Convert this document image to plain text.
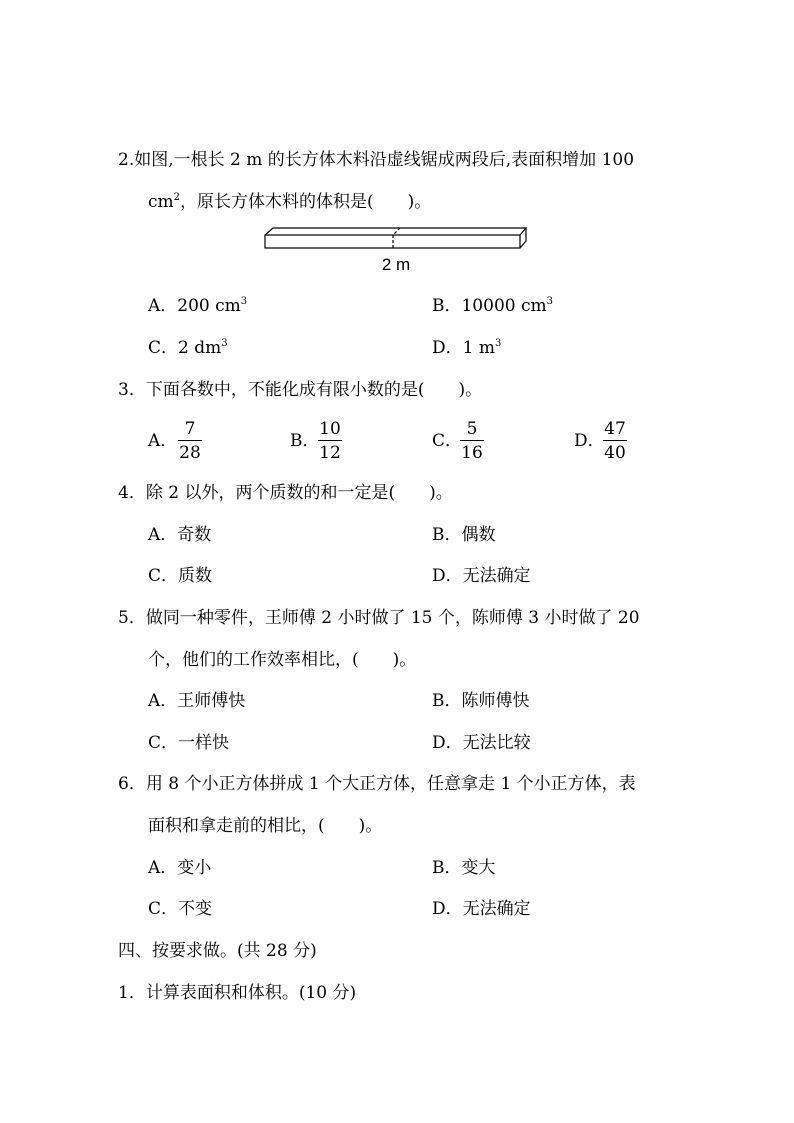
2.如图,一根长 2 m 的长方体木料沿虚线锯成两段后,表面积增加 100
$cm^2$，原长方体木料的体积是(　　)。
2 m
A．200 $cm^3$	B．10000 $cm^3$
C．2 $dm^3$	D．1 $m^3$
3．下面各数中，不能化成有限小数的是(　　)。
A．
7
28
B．
10
12
C．
5
16
D．
47
40
4．除 2 以外，两个质数的和一定是(　　)。
A．奇数	B．偶数
C．质数	D．无法确定
5．做同一种零件，王师傅 2 小时做了 15 个，陈师傅 3 小时做了 20
个，他们的工作效率相比，(　　)。
A．王师傅快	B．陈师傅快
C．一样快	D．无法比较
6．用 8 个小正方体拼成 1 个大正方体，任意拿走 1 个小正方体，表
面积和拿走前的相比，(　　)。
A．变小	B．变大
C．不变	D．无法确定
四、按要求做。(共 28 分)
1．计算表面积和体积。(10 分)
